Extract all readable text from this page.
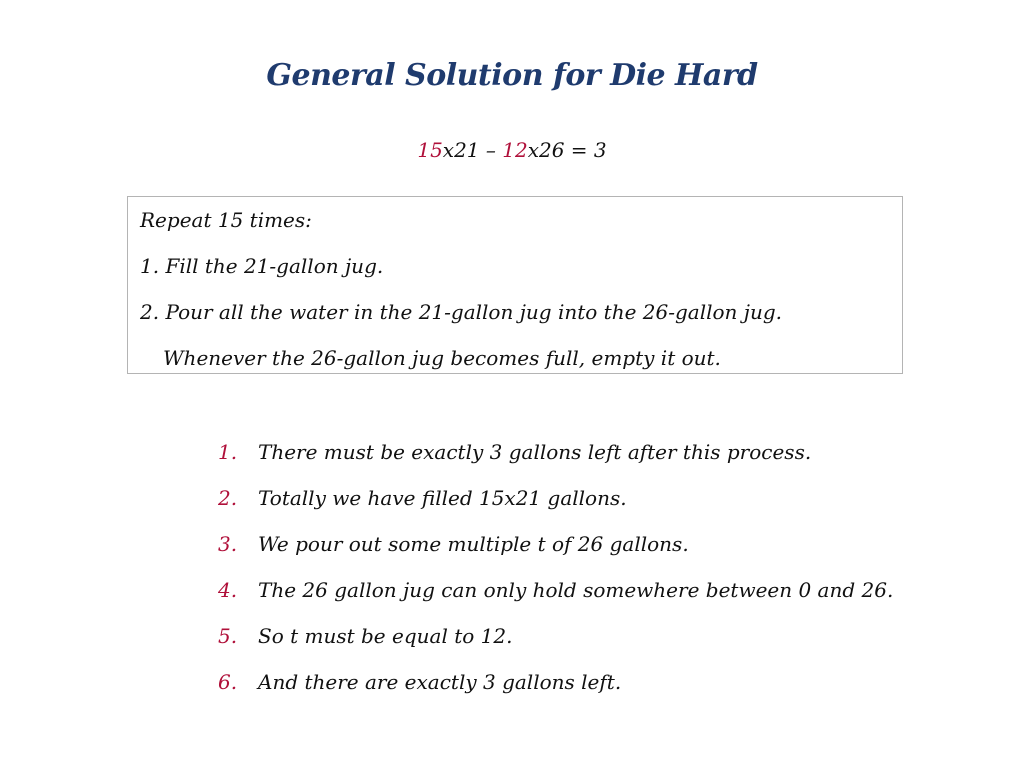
General Solution for Die Hard
15x21 – 12x26 = 3
Repeat 15 times:
1. Fill the 21-gallon jug.
2. Pour all the water in the 21-gallon jug into the 26-gallon jug.
Whenever the 26-gallon jug becomes full, empty it out.
1. There must be exactly 3 gallons left after this process.
2. Totally we have filled 15x21 gallons.
3. We pour out some multiple t of 26 gallons.
4. The 26 gallon jug can only hold somewhere between 0 and 26.
5. So t must be equal to 12.
6. And there are exactly 3 gallons left.
